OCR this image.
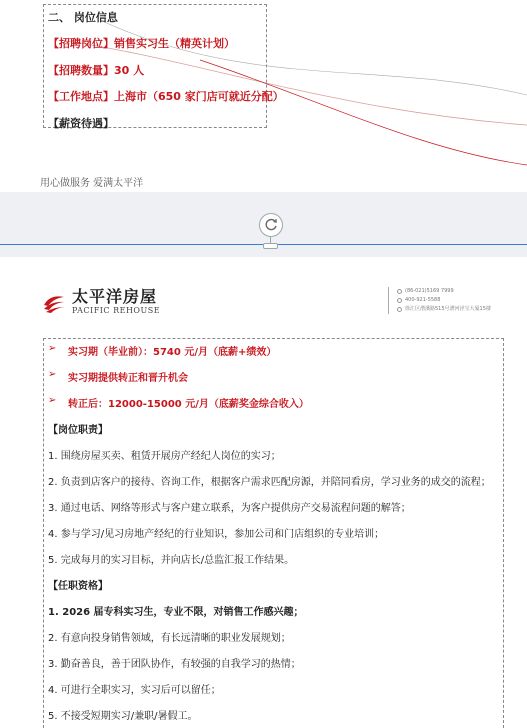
二、 岗位信息
【招聘岗位】销售实习生（精英计划）
【招聘数量】30 人
【工作地点】上海市（650 家门店可就近分配）
【薪资待遇】
用心做服务 爱满太平洋
太平洋房屋
PACIFIC REHOUSE
(86-021)5169 7999
400-921-5588
徐汇区漕溪路515号漕河泾宝大厦15楼
➢ 实习期（毕业前）：5740 元/月（底薪+绩效）
➢ 实习期提供转正和晋升机会
➢ 转正后：12000-15000 元/月（底薪奖金综合收入）
【岗位职责】
1. 围绕房屋买卖、租赁开展房产经纪人岗位的实习；
2. 负责到店客户的接待、咨询工作，根据客户需求匹配房源，并陪同看房，学习业务的成交的流程；
3. 通过电话、网络等形式与客户建立联系，为客户提供房产交易流程问题的解答；
4. 参与学习/见习房地产经纪的行业知识，参加公司和门店组织的专业培训；
5. 完成每月的实习目标，并向店长/总监汇报工作结果。
【任职资格】
1. 2026 届专科实习生，专业不限，对销售工作感兴趣；
2. 有意向投身销售领域，有长远清晰的职业发展规划；
3. 勤奋善良，善于团队协作，有较强的自我学习的热情；
4. 可进行全职实习，实习后可以留任；
5. 不接受短期实习/兼职/暑假工。
